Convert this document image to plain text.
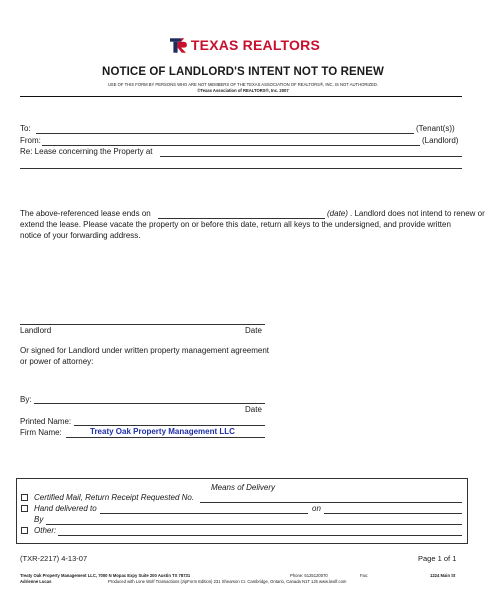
TEXAS REALTORS
NOTICE OF LANDLORD'S INTENT NOT TO RENEW
USE OF THIS FORM BY PERSONS WHO ARE NOT MEMBERS OF THE TEXAS ASSOCIATION OF REALTORS®, INC. IS NOT AUTHORIZED.
©Texas Association of REALTORS®, Inc. 2007
To:	(Tenant(s))
From:	(Landlord)
Re: Lease concerning the Property at
The above-referenced lease ends on	(date) . Landlord does not intend to renew or
extend the lease. Please vacate the property on or before this date, return all keys to the undersigned, and provide written
notice of your forwarding address.
Landlord	Date
Or signed for Landlord under written property management agreement
or power of attorney:
By:
Date
Printed Name:
Firm Name:	Treaty Oak Property Management LLC
Means of Delivery
Certified Mail, Return Receipt Requested No.
Hand delivered to	on
By
Other:
(TXR-2217) 4-13-07	Page 1 of 1
Treaty Oak Property Management LLC, 7000 N Mopac Expy Suite 200 Austin TX 78731	Phone: 5125120070	Fax:	1224 Main St
Adrienne Lucas	Produced with Lone Wolf Transactions (zipForm Edition) 231 Shearson Cr. Cambridge, Ontario, Canada N1T 1J5 www.lwolf.com
